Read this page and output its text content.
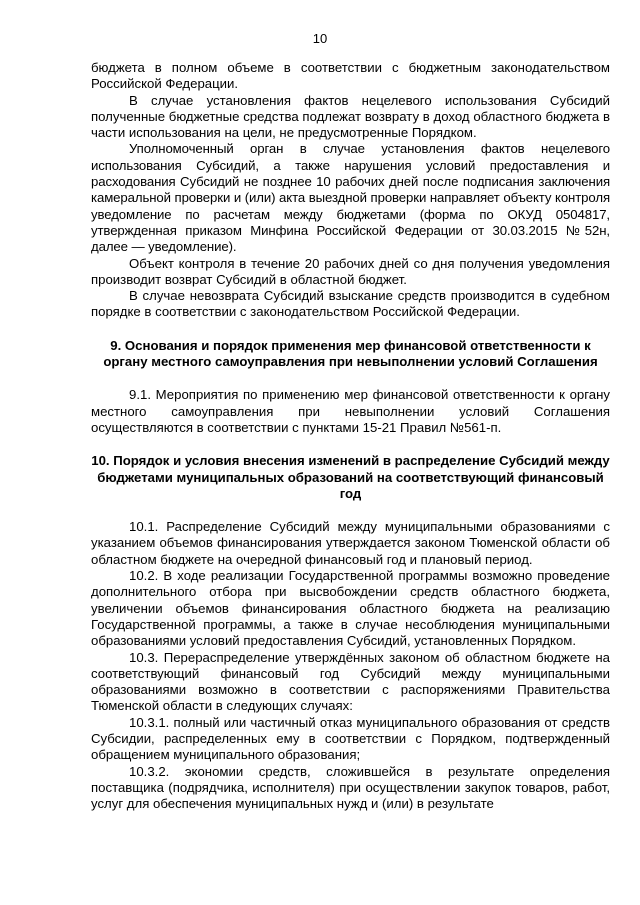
10

бюджета в полном объеме в соответствии с бюджетным законодательством Российской Федерации.

В случае установления фактов нецелевого использования Субсидий полученные бюджетные средства подлежат возврату в доход областного бюджета в части использования на цели, не предусмотренные Порядком.

Уполномоченный орган в случае установления фактов нецелевого использования Субсидий, а также нарушения условий предоставления и расходования Субсидий не позднее 10 рабочих дней после подписания заключения камеральной проверки и (или) акта выездной проверки направляет объекту контроля уведомление по расчетам между бюджетами (форма по ОКУД 0504817, утвержденная приказом Минфина Российской Федерации от 30.03.2015 №52н, далее — уведомление).

Объект контроля в течение 20 рабочих дней со дня получения уведомления производит возврат Субсидий в областной бюджет.

В случае невозврата Субсидий взыскание средств производится в судебном порядке в соответствии с законодательством Российской Федерации.

9. Основания и порядок применения мер финансовой ответственности к органу местного самоуправления при невыполнении условий Соглашения

9.1. Мероприятия по применению мер финансовой ответственности к органу местного самоуправления при невыполнении условий Соглашения осуществляются в соответствии с пунктами 15-21 Правил №561-п.

10. Порядок и условия внесения изменений в распределение Субсидий между бюджетами муниципальных образований на соответствующий финансовый год

10.1. Распределение Субсидий между муниципальными образованиями с указанием объемов финансирования утверждается законом Тюменской области об областном бюджете на очередной финансовый год и плановый период.

10.2. В ходе реализации Государственной программы возможно проведение дополнительного отбора при высвобождении средств областного бюджета, увеличении объемов финансирования областного бюджета на реализацию Государственной программы, а также в случае несоблюдения муниципальными образованиями условий предоставления Субсидий, установленных Порядком.

10.3. Перераспределение утверждённых законом об областном бюджете на соответствующий финансовый год Субсидий между муниципальными образованиями возможно в соответствии с распоряжениями Правительства Тюменской области в следующих случаях:

10.3.1. полный или частичный отказ муниципального образования от средств Субсидии, распределенных ему в соответствии с Порядком, подтвержденный обращением муниципального образования;

10.3.2. экономии средств, сложившейся в результате определения поставщика (подрядчика, исполнителя) при осуществлении закупок товаров, работ, услуг для обеспечения муниципальных нужд и (или) в результате
